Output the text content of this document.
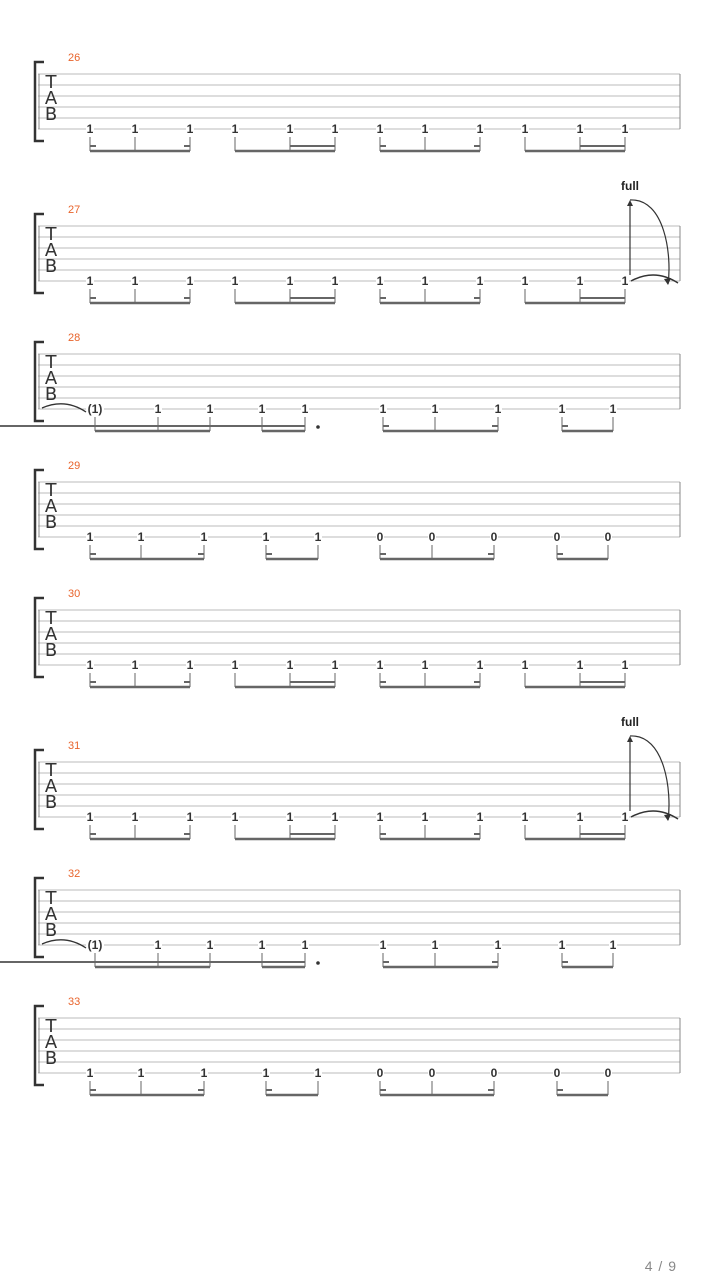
26
T
A
B
1	1	1	1	1	1	1	1	1	1	1	1
27
T
A
B
1	1	1	1	1	1	1	1	1	1	1	1
full
28
T
A
B
(1)	1	1	1	1	1	1	1	1	1
29
T
A
B
1	1	1	1	1	0	0	0	0	0
30
T
A
B
1	1	1	1	1	1	1	1	1	1	1	1
31
T
A
B
1	1	1	1	1	1	1	1	1	1	1	1
full
32
T
A
B
(1)	1	1	1	1	1	1	1	1	1
33
T
A
B
1	1	1	1	1	0	0	0	0	0
4 / 9
